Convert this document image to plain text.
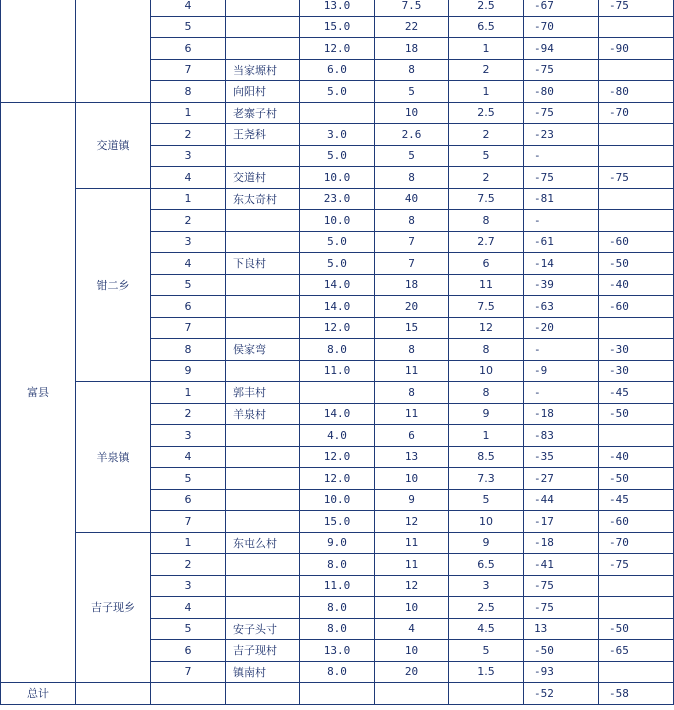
		4		13.0	7.5	2.5	-67	-75
		5		15.0	22	6.5	-70	
		6		12.0	18	1	-94	-90
		7	当家塬村	6.0	8	2	-75	
		8	向阳村	5.0	5	1	-80	-80
富县	交道镇	1	老寨子村		10	2.5	-75	-70
		2	王尧科	3.0	2.6	2	-23	
		3		5.0	5	5	-	
		4	交道村	10.0	8	2	-75	-75
	钳二乡	1	东太奇村	23.0	40	7.5	-81	
		2		10.0	8	8	-	
		3		5.0	7	2.7	-61	-60
		4	下良村	5.0	7	6	-14	-50
		5		14.0	18	11	-39	-40
		6		14.0	20	7.5	-63	-60
		7		12.0	15	12	-20	
		8	侯家弯	8.0	8	8	-	-30
		9		11.0	11	10	-9	-30
	羊泉镇	1	郭丰村		8	8	-	-45
		2	羊泉村	14.0	11	9	-18	-50
		3		4.0	6	1	-83	
		4		12.0	13	8.5	-35	-40
		5		12.0	10	7.3	-27	-50
		6		10.0	9	5	-44	-45
		7		15.0	12	10	-17	-60
	吉子现乡	1	东屯么村	9.0	11	9	-18	-70
		2		8.0	11	6.5	-41	-75
		3		11.0	12	3	-75	
		4		8.0	10	2.5	-75	
		5	安子头寸	8.0	4	4.5	13	-50
		6	吉子现村	13.0	10	5	-50	-65
		7	镇南村	8.0	20	1.5	-93	
总计							-52	-58
